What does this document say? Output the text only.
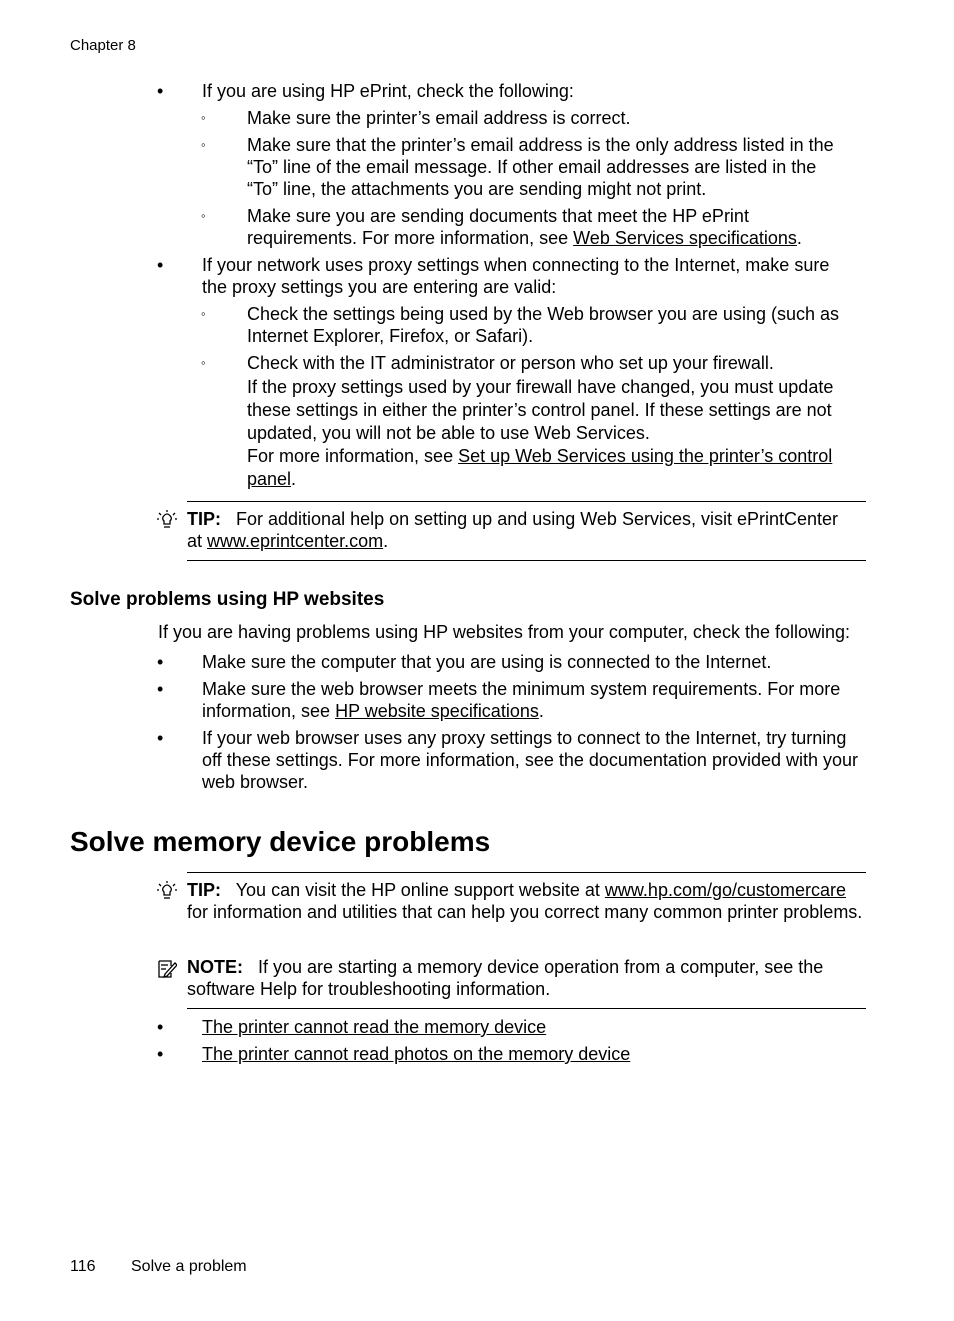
Chapter 8
• If you are using HP ePrint, check the following:
◦ Make sure the printer’s email address is correct.
◦ Make sure that the printer’s email address is the only address listed in the “To” line of the email message. If other email addresses are listed in the “To” line, the attachments you are sending might not print.
◦ Make sure you are sending documents that meet the HP ePrint requirements. For more information, see Web Services specifications.
• If your network uses proxy settings when connecting to the Internet, make sure the proxy settings you are entering are valid:
◦ Check the settings being used by the Web browser you are using (such as Internet Explorer, Firefox, or Safari).
◦ Check with the IT administrator or person who set up your firewall.
If the proxy settings used by your firewall have changed, you must update these settings in either the printer’s control panel. If these settings are not updated, you will not be able to use Web Services.
For more information, see Set up Web Services using the printer’s control panel.
TIP: For additional help on setting up and using Web Services, visit ePrintCenter at www.eprintcenter.com.
Solve problems using HP websites
If you are having problems using HP websites from your computer, check the following:
• Make sure the computer that you are using is connected to the Internet.
• Make sure the web browser meets the minimum system requirements. For more information, see HP website specifications.
• If your web browser uses any proxy settings to connect to the Internet, try turning off these settings. For more information, see the documentation provided with your web browser.
Solve memory device problems
TIP: You can visit the HP online support website at www.hp.com/go/customercare for information and utilities that can help you correct many common printer problems.
NOTE: If you are starting a memory device operation from a computer, see the software Help for troubleshooting information.
• The printer cannot read the memory device
• The printer cannot read photos on the memory device
116 Solve a problem
